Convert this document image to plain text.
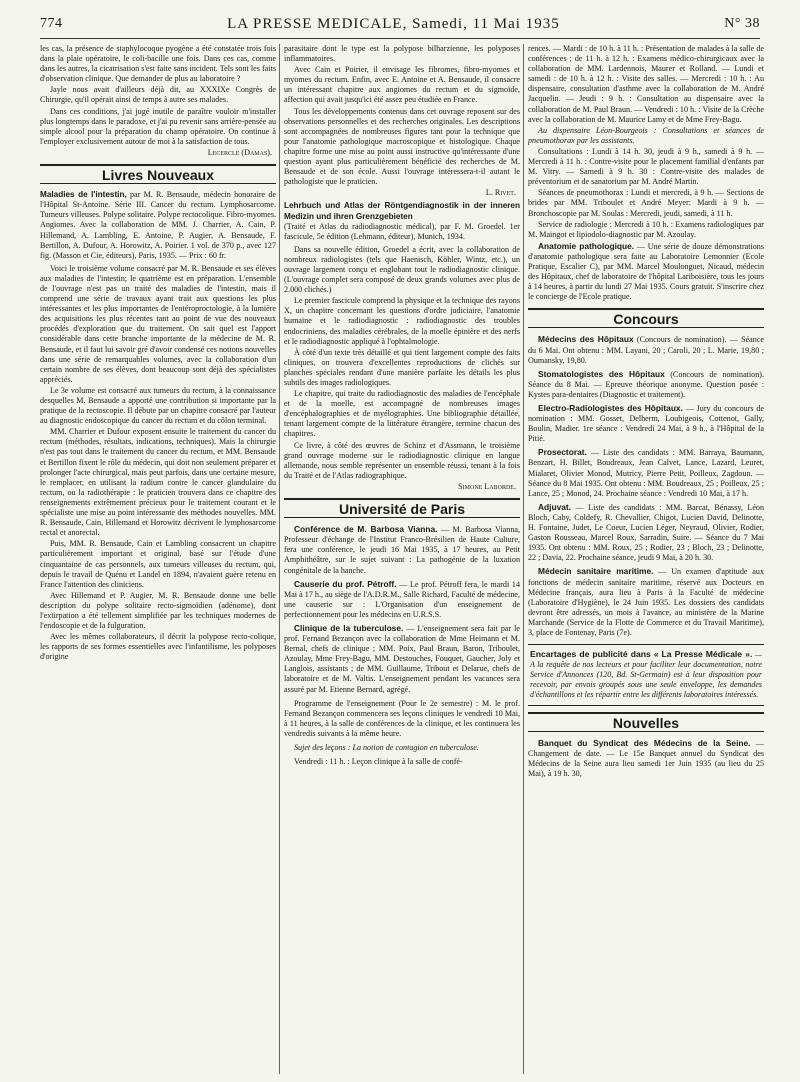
774	LA PRESSE MEDICALE, Samedi, 11 Mai 1935	N° 38

les cas, la présence de staphylocoque pyogène a été constatée trois fois dans la plaie opératoire, le coli-bacille une fois. Dans ces cas, comme dans les autres, la cicatrisation s'est faite sans incident. Tels sont les faits d'observation clinique. Que demander de plus au laboratoire ?

Jayle nous avait d'ailleurs déjà dit, au XXXIXe Congrès de Chirurgie, qu'il opérait ainsi de temps à autre ses malades.

Dans ces conditions, j'ai jugé inutile de paraître vouloir m'installer plus longtemps dans le paradoxe, et j'ai pu revenir sans arrière-pensée au simple alcool pour la préparation du champ opératoire. On continue à l'employer exclusivement autour de moi à la satisfaction de tous.

Lecercle (Damas).
Livres Nouveaux
Maladies de l'intestin, par M. R. Bensaude, médecin honoraire de l'Hôpital St-Antoine. Série III. Cancer du rectum. Lymphosarcome. Tumeurs villeuses. Polype solitaire. Polype rectocolique. Fibro-myomes. Angiomes. Avec la collaboration de MM. J. Charrier, A. Cain, P. Hillemand, A. Lambling, E. Antoine, P. Augier, A. Bensaude, F. Bertillon, A. Dufour, A. Horowitz, A. Poirier. 1 vol. de 370 p., avec 127 fig. (Masson et Cie, éditeurs), Paris, 1935. — Prix : 60 fr.

Voici le troisième volume consacré par M. R. Bensaude et ses élèves aux maladies de l'intestin; le quatrième est en préparation. L'ensemble de l'ouvrage n'est pas un traité des maladies de l'intestin, mais il comprend une série de travaux ayant trait aux questions les plus intéressantes et les plus importantes de l'entéroproctologie, à la lumière des acquisitions les plus récentes tant au point de vue des nouveaux procédés d'exploration que du traitement. On sait quel est l'apport considérable dans cette branche importante de la médecine de M. R. Bensaude, et il faut lui savoir gré d'avoir condensé ces notions nouvelles dans une série de remarquables volumes, avec la collaboration d'un certain nombre de ses élèves, dont beaucoup sont déjà des spécialistes appréciés.

Le 3e volume est consacré aux tumeurs du rectum, à la connaissance desquelles M. Bensaude a apporté une contribution si importante par la pratique de la rectoscopie. Il débute par un chapitre consacré par l'auteur au diagnostic endoscopique du cancer du rectum et du côlon terminal.

MM. Charrier et Dufour exposent ensuite le traitement du cancer du rectum (méthodes, résultats, indications, techniques). Mais la chirurgie n'est pas tout dans le traitement du cancer du rectum, et MM. Bensaude et Bertillon fixent le rôle du médecin, qui doit non seulement préparer et prolonger l'acte chirurgical, mais peut parfois, dans une certaine mesure, le remplacer, en utilisant la radium contre le cancer glandulaire du rectum, ou la radiothérapie : le praticien trouvera dans ce chapitre des renseignements extrêmement précieux pour le traitement courant et le spécialiste une mise au point intéressante des méthodes nouvelles. MM. R. Bensaude, Cain, Hillemand et Horowitz décrivent le lymphosarcome rectal et anorectal.

Puis, MM. R. Bensaude, Cain et Lambling consacrent un chapitre particulièrement important et original, basé sur l'étude d'une cinquantaine de cas personnels, aux tumeurs villeuses du rectum, qui, depuis le travail de Quénu et Landel en 1894, n'avaient guère retenu en France l'attention des cliniciens.

Avec Hillemand et P. Augier, M. R. Bensaude donne une belle description du polype solitaire recto-sigmoïdien (adénome), dont l'extirpation a été tellement simplifiée par les techniques modernes de l'endoscopie et de la fulguration.

Avec les mêmes collaborateurs, il décrit la polypose recto-colique, les rapports de ses formes essentielles avec l'infantilisme, les polyposes d'origine

parasitaire dont le type est la polypose bilharzienne, les polyposes inflammatoires.

Avec Cain et Poirier, il envisage les fibromes, fibro-myomes et myomes du rectum. Enfin, avec E. Antoine et A. Bensaude, il consacre un intéressant chapitre aux angiomes du rectum et du sigmoïde, affection qui avait jusqu'ici été assez peu étudiée en France.

Tous les développements contenus dans cet ouvrage reposent sur des observations personnelles et des recherches originales. Les descriptions sont accompagnées de nombreuses figures tant pour la technique que pour l'anatomie pathologique macroscopique et histologique. Chaque chapitre forme une mise au point aussi instructive qu'intéressante d'une question ayant plus particulièrement bénéficié des recherches de M. Bensaude et de son école. Aussi l'ouvrage intéressera-t-il autant le pathologiste que le praticien.

L. Rivet.
Lehrbuch und Atlas der Röntgendiagnostik in der inneren Medizin und ihren Grenzgebieten
(Traité et Atlas du radiodiagnostic médical), par F. M. Groedel. 1er fascicule, 5e édition (Lehmann, éditeur), Munich, 1934.

Dans sa nouvelle édition, Groedel a écrit, avec la collaboration de nombreux radiologistes (tels que Haenisch, Köhler, Wintz, etc.), un ouvrage largement conçu et englobant tout le radiodiagnostic clinique. (L'ouvrage complet sera composé de deux grands volumes avec plus de 2.000 clichés.)

Le premier fascicule comprend la physique et la technique des rayons X, un chapitre concernant les questions d'ordre judiciaire, l'anatomie humaine et le radiodiagnostic : radiodiagnostic des troubles endocriniens, des maladies cérébrales, de la moelle épinière et des nerfs et le radiodiagnostic appliqué à l'ophtalmologie.

À côté d'un texte très détaillé et qui tient largement compte des faits cliniques, on trouvera d'excellentes reproductions de clichés sur planches spéciales rendant d'une manière parfaite les détails les plus subtils des images radiologiques.

Le chapitre, qui traite du radiodiagnostic des maladies de l'encéphale et de la moelle, est accompagné de nombreuses images d'encéphalographies et de myélographies. Une bibliographie détaillée, tenant largement compte de la littérature étrangère, termine chacun des chapitres.

Ce livre, à côté des œuvres de Schinz et d'Assmann, le troisième grand ouvrage moderne sur le radiodiagnostic clinique en langue allemande, nous semble représenter un ensemble réussi, tenant à la fois du Traité et de l'Atlas radiographique.

Simone Laborde.
Université de Paris

Conférence de M. Barbosa Vianna. — M. Barbosa Vianna, Professeur d'échange de l'Institut Franco-Brésilien de Haute Culture, fera une conférence, le jeudi 16 Mai 1935, à 17 heures, au Petit Amphithéâtre, sur le sujet suivant : La pathogénie de la luxation congénitale de la hanche.

Causerie du prof. Pétroff. — Le prof. Pétroff fera, le mardi 14 Mai à 17 h., au siège de l'A.D.R.M., Salle Richard, Faculté de médecine, une causerie sur : L'Organisation d'un enseignement de perfectionnement pour les médecins en U.R.S.S.

Clinique de la tuberculose. — L'enseignement sera fait par le prof. Fernand Bezançon avec la collaboration de Mme Heimann et M. Bernal, chefs de clinique ; MM. Poix, Paul Braun, Baron, Triboulet, Azoulay, Mme Frey-Bagu, MM. Destouches, Fouquet, Gaucher, Joly et Langlois, assistants ; de MM. Guillaume, Tribout et Delarue, chefs de laboratoire et de M. Valtis. L'enseignement pendant les vacances sera assuré par M. Etienne Bernard, agrégé.

Programme de l'enseignement (Pour le 2e semestre) : M. le prof. Fernand Bezançon commencera ses leçons cliniques le vendredi 10 Mai, à 11 heures, à la salle de conférences de la clinique, et les continuera les vendredis suivants à la même heure.

Sujet des leçons : La notion de contagion en tuberculose.

Vendredi : 11 h. : Leçon clinique à la salle de confé-

rences. — Mardi : de 10 h. à 11 h. : Présentation de malades à la salle de conférences ; de 11 h. à 12 h. : Examens médico-chirurgicaux avec la collaboration de MM. Lardennois, Maurer et Rolland. — Lundi et samedi : de 10 h. à 12 h. : Visite des salles. — Mercredi : 10 h. : Au dispensaire, consultation d'asthme avec la collaboration de M. André Jacquelin. — Jeudi : 9 h. : Consultation au dispensaire avec la collaboration de M. Paul Braun. — Vendredi : 10 h. : Visite de la Crèche avec la collaboration de M. Maurice Lamy et de Mme Frey-Bagu.

Au dispensaire Léon-Bourgeois : Consultations et séances de pneumothorax par les assistants.

Consultations : Lundi à 14 h. 30, jeudi à 9 h., samedi à 9 h. — Mercredi à 11 h. : Contre-visite pour le placement familial d'enfants par M. Vitry. — Samedi à 9 h. 30 : Contre-visite des malades de préventorium et de sanatorium par M. André Martin.

Séances de pneumothorax : Lundi et mercredi, à 9 h. — Sections de brides par MM. Triboulet et André Meyer: Mardi à 9 h. — Bronchoscopie par M. Soulas : Mercredi, jeudi, samedi, à 11 h.

Service de radiologie : Mercredi à 10 h. : Examens radiologiques par M. Maingot et lipiodolo-diagnostic par M. Azoulay.

Anatomie pathologique. — Une série de douze démonstrations d'anatomie pathologique sera faite au Laboratoire Lemonnier (Ecole Pratique, Escalier C), par MM. Marcel Moulonguet, Nicaud, médecin des Hôpitaux, chef de laboratoire de l'hôpital Lariboisière, tous les jours à 14 heures, à partir du lundi 27 Mai 1935. Cours gratuit. S'inscrire chez le concierge de l'Ecole pratique.

Concours

Médecins des Hôpitaux (Concours de nomination). — Séance du 6 Mai. Ont obtenu : MM. Layani, 20 ; Caroli, 20 ; L. Marie, 19,80 ; Oumansky, 19,80.

Stomatologistes des Hôpitaux (Concours de nomination). Séance du 8 Mai. — Epreuve théorique anonyme. Question posée : Kystes para-dentaires (Diagnostic et traitement).

Electro-Radiologistes des Hôpitaux. — Jury du concours de nomination : MM. Gosset, Delherm, Loubigeois, Cottenot, Gally, Boulin, Madier. 1re séance : Vendredi 24 Mai, à 9 h., à l'Hôpital de la Pitié.

Prosectorat. — Liste des candidats : MM. Barraya, Baumann, Benzart, H. Billet, Boudreaux, Jean Calvet, Lance, Lazard, Leuret, Mialaret, Olivier Monod, Mutricy, Pierre Petit, Poilleux, Zagdoun. — Séance du 8 Mai 1935. Ont obtenu : MM. Boudreaux, 25 ; Poilleux, 25 ; Lance, 25 ; Monod, 24. Prochaine séance : Vendredi 10 Mai, à 17 h.

Adjuvat. — Liste des candidats : MM. Barcat, Bénassy, Léon Bloch, Caby, Coldefy, R. Chevallier, Chigot, Lucien David, Delinotte, H. Fontaine, Judet, Le Coeur, Lucien Léger, Neyraud, Olivier, Rodier, Gaston Rousseau, Marcel Roux, Sarradin, Suire. — Séance du 7 Mai 1935. Ont obtenu : MM. Roux, 25 ; Rodier, 23 ; Bloch, 23 ; Delinotte, 22 ; Davia, 22. Prochaine séance, jeudi 9 Mai, à 20 h. 30.

Médecin sanitaire maritime. — Un examen d'aptitude aux fonctions de médecin sanitaire maritime, réservé aux Docteurs en Médecine français, aura lieu à Paris à la Faculté de médecine (Laboratoire d'Hygiène), le 24 Juin 1935. Les dossiers des candidats devront être adressés, un mois à l'avance, au ministère de la Marine Marchande (Service de la Flotte de Commerce et du Travail Maritime), 3, place de Fontenay, Paris (7e).

Encartages de publicité dans « La Presse Médicale ». — A la requête de nos lecteurs et pour faciliter leur documentation, notre Service d'Annonces (120, Bd. St-Germain) est à leur disposition pour recevoir, par envois groupés sous une seule enveloppe, les demandes d'échantillons et les répartir entre les différents laboratoires intéressés.
Nouvelles

Banquet du Syndicat des Médecins de la Seine. — Changement de date. — Le 15e Banquet annuel du Syndicat des Médecins de la Seine aura lieu samedi 1er Juin 1935 (au lieu du 25 Mai), à 19 h. 30,
